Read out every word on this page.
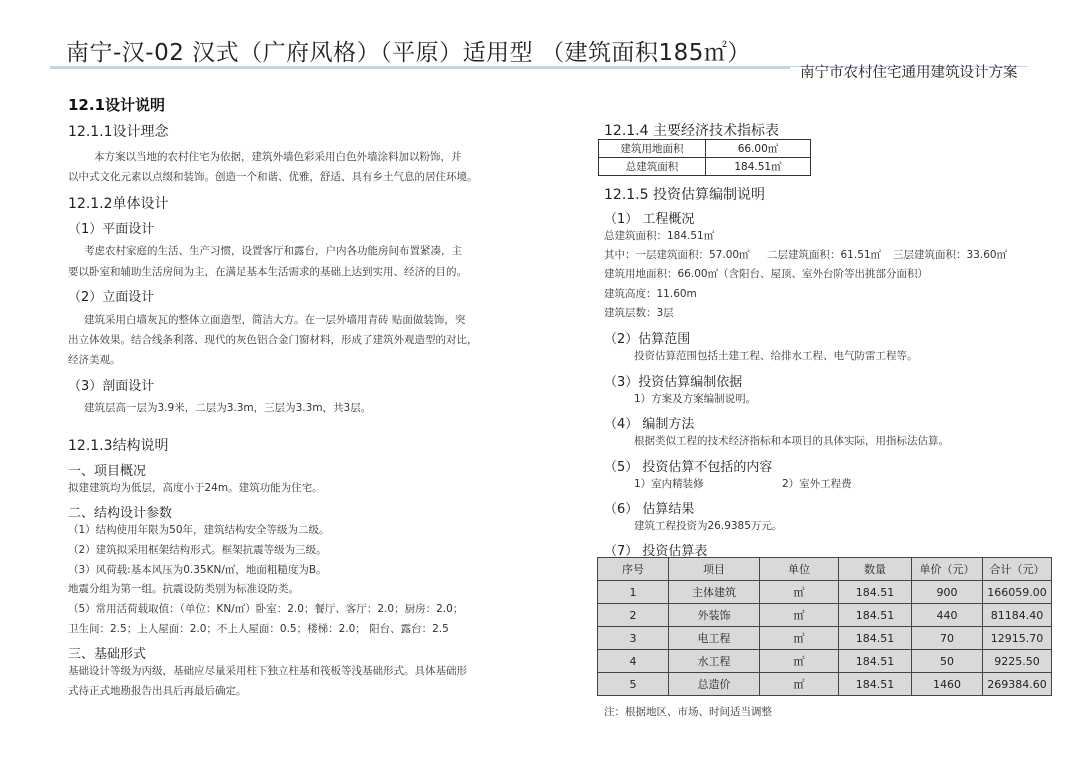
南宁-汉-02 汉式（广府风格）（平原）适用型 （建筑面积185㎡）
南宁市农村住宅通用建筑设计方案
12.1设计说明
12.1.1设计理念
本方案以当地的农村住宅为依据，建筑外墙色彩采用白色外墙涂料加以粉饰，并
以中式文化元素以点缀和装饰。创造一个和谐、优雅，舒适、具有乡土气息的居住环境。
12.1.2单体设计
（1）平面设计
考虑农村家庭的生活、生产习惯，设置客厅和露台，户内各功能房间布置紧凑，主
要以卧室和辅助生活房间为主，在满足基本生活需求的基础上达到实用、经济的目的。
（2）立面设计
建筑采用白墙灰瓦的整体立面造型，简洁大方。在一层外墙用青砖 贴面做装饰，突
出立体效果。结合线条利落、现代的灰色铝合金门窗材料，形成了建筑外观造型的对比，
经济美观。
（3）剖面设计
建筑层高一层为3.9米，二层为3.3m，三层为3.3m，共3层。
12.1.3结构说明
一、项目概况
拟建建筑均为低层，高度小于24m。建筑功能为住宅。
二、结构设计参数
（1）结构使用年限为50年，建筑结构安全等级为二级。
（2）建筑拟采用框架结构形式。框架抗震等级为三级。
（3）风荷载:基本风压为0.35KN/㎡，地面粗糙度为B。
地震分组为第一组。抗震设防类别为标准设防类。
（5）常用活荷载取值：（单位：KN/㎡）卧室：2.0；餐厅、客厅：2.0；厨房：2.0；
卫生间：2.5；上人屋面：2.0；不上人屋面：0.5；楼梯：2.0； 阳台、露台：2.5
三、基础形式
基础设计等级为丙级，基础应尽量采用柱下独立柱基和筏板等浅基础形式。具体基础形
式待正式地勘报告出具后再最后确定。
12.1.4 主要经济技术指标表
建筑用地面积	66.00㎡
总建筑面积	184.51㎡
12.1.5 投资估算编制说明
（1） 工程概况
总建筑面积：184.51㎡
其中：一层建筑面积：57.00㎡ 二层建筑面积：61.51㎡ 三层建筑面积：33.60㎡
建筑用地面积：66.00㎡（含阳台、屋顶、室外台阶等出挑部分面积）
建筑高度：11.60m
建筑层数：3层
（2）估算范围
投资估算范围包括土建工程、给排水工程、电气防雷工程等。
（3）投资估算编制依据
1）方案及方案编制说明。
（4） 编制方法
根据类似工程的技术经济指标和本项目的具体实际，用指标法估算。
（5） 投资估算不包括的内容
1）室内精装修	2）室外工程费
（6） 估算结果
建筑工程投资为26.9385万元。
（7） 投资估算表
序号	项目	单位	数量	单价（元）	合计（元）
1	主体建筑	㎡	184.51	900	166059.00
2	外装饰	㎡	184.51	440	81184.40
3	电工程	㎡	184.51	70	12915.70
4	水工程	㎡	184.51	50	9225.50
5	总造价	㎡	184.51	1460	269384.60
注：根据地区、市场、时间适当调整
